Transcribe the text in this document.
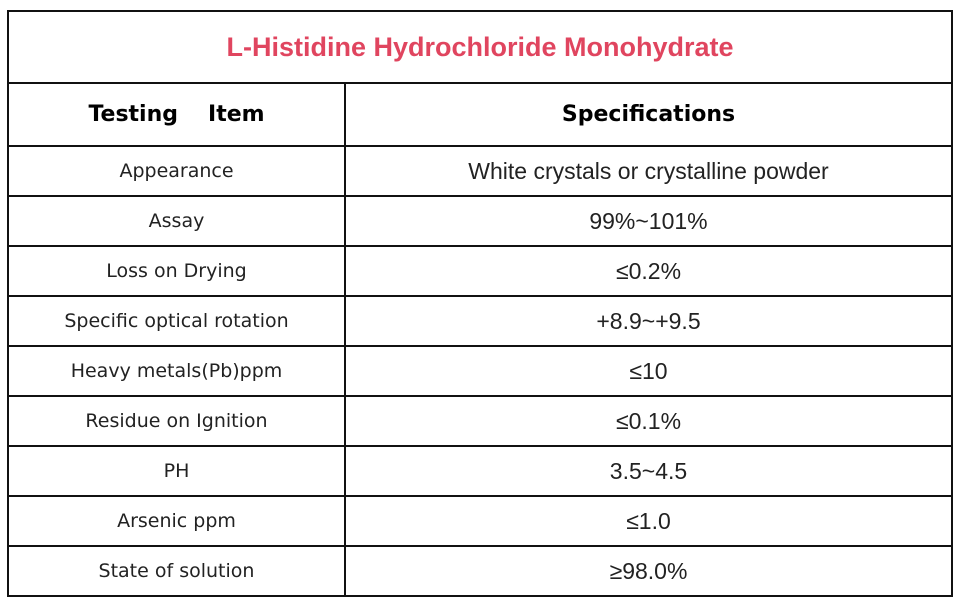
L-Histidine Hydrochloride Monohydrate	
Testing Item	Specifications
Appearance	White crystals or crystalline powder
Assay	99%~101%
Loss on Drying	≤0.2%
Specific optical rotation	+8.9~+9.5
Heavy metals(Pb)ppm	≤10
Residue on Ignition	≤0.1%
PH	3.5~4.5
Arsenic ppm	≤1.0
State of solution	≥98.0%
